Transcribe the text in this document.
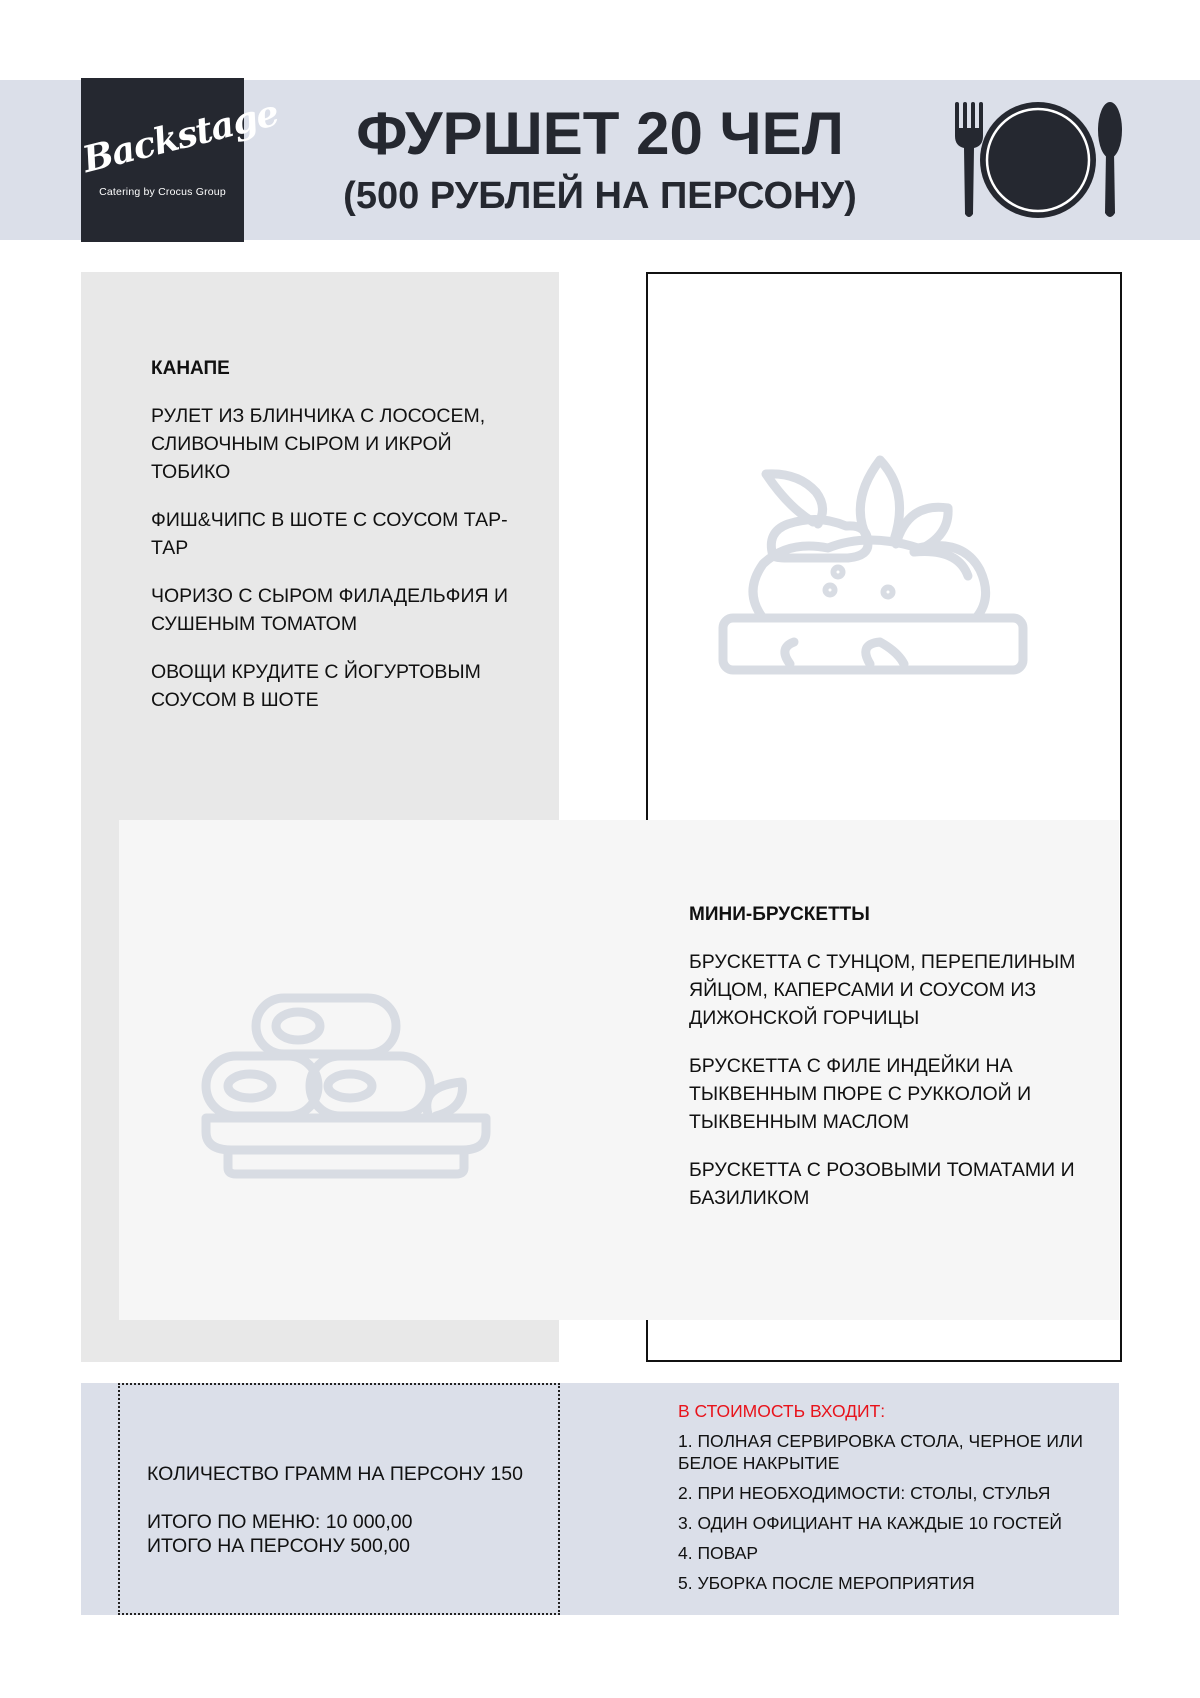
Backstage
Catering by Crocus Group
ФУРШЕТ 20 ЧЕЛ
(500 РУБЛЕЙ НА ПЕРСОНУ)
КАНАПЕ
РУЛЕТ ИЗ БЛИНЧИКА С ЛОСОСЕМ, СЛИВОЧНЫМ СЫРОМ И ИКРОЙ ТОБИКО
ФИШ&ЧИПС В ШОТЕ С СОУСОМ ТАР-ТАР
ЧОРИЗО С СЫРОМ ФИЛАДЕЛЬФИЯ И СУШЕНЫМ ТОМАТОМ
ОВОЩИ КРУДИТЕ С ЙОГУРТОВЫМ СОУСОМ В ШОТЕ
МИНИ-БРУСКЕТТЫ
БРУСКЕТТА С ТУНЦОМ, ПЕРЕПЕЛИНЫМ ЯЙЦОМ, КАПЕРСАМИ И СОУСОМ ИЗ ДИЖОНСКОЙ ГОРЧИЦЫ
БРУСКЕТТА С ФИЛЕ ИНДЕЙКИ НА ТЫКВЕННЫМ ПЮРЕ С РУККОЛОЙ И ТЫКВЕННЫМ МАСЛОМ
БРУСКЕТТА С РОЗОВЫМИ ТОМАТАМИ И БАЗИЛИКОМ
КОЛИЧЕСТВО ГРАММ НА ПЕРСОНУ 150
ИТОГО ПО МЕНЮ: 10 000,00
ИТОГО НА ПЕРСОНУ 500,00
В СТОИМОСТЬ ВХОДИТ:
1. ПОЛНАЯ СЕРВИРОВКА СТОЛА, ЧЕРНОЕ ИЛИ БЕЛОЕ НАКРЫТИЕ
2. ПРИ НЕОБХОДИМОСТИ: СТОЛЫ, СТУЛЬЯ
3. ОДИН ОФИЦИАНТ НА КАЖДЫЕ 10 ГОСТЕЙ
4. ПОВАР
5. УБОРКА ПОСЛЕ МЕРОПРИЯТИЯ
